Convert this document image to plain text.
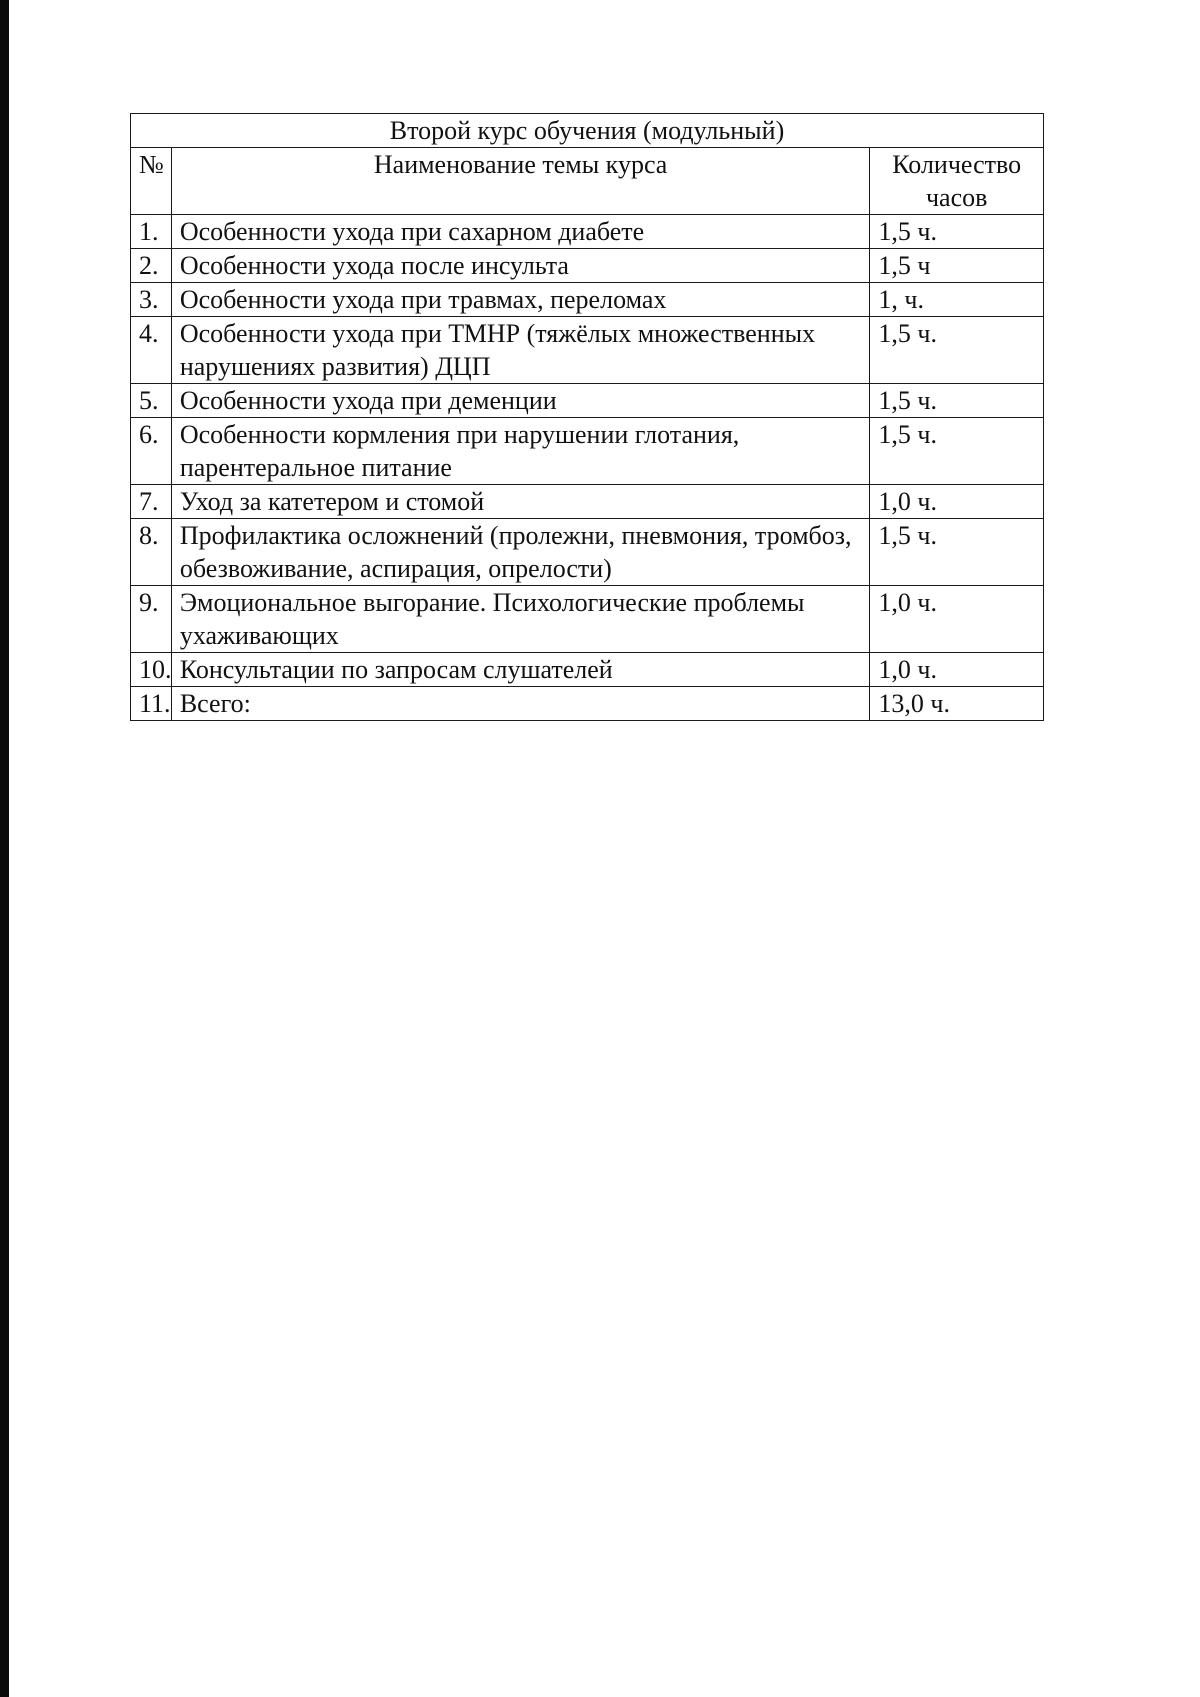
Второй курс обучения (модульный)		
№	Наименование темы курса	Количество часов
1.	Особенности ухода при сахарном диабете	1,5 ч.
2.	Особенности ухода после инсульта	1,5 ч
3.	Особенности ухода при травмах, переломах	1, ч.
4.	Особенности ухода при ТМНР (тяжёлых множественных нарушениях развития) ДЦП	1,5 ч.
5.	Особенности ухода при деменции	1,5 ч.
6.	Особенности кормления при нарушении глотания, парентеральное питание	1,5 ч.
7.	Уход за катетером и стомой	1,0 ч.
8.	Профилактика осложнений (пролежни, пневмония, тромбоз, обезвоживание, аспирация, опрелости)	1,5 ч.
9.	Эмоциональное выгорание. Психологические проблемы ухаживающих	1,0 ч.
10.	Консультации по запросам слушателей	1,0 ч.
11.	Всего:	13,0 ч.
